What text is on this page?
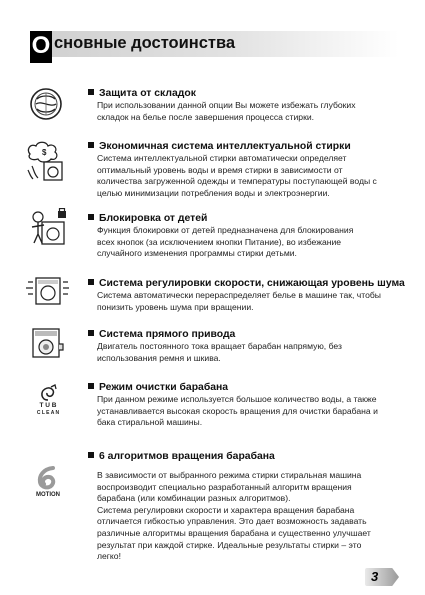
О сновные достоинства
Защита от складок
При использовании данной опции Вы можете избежать глубоких
складок на белье после завершения процесса стирки.
$
Экономичная система интеллектуальной стирки
Система интеллектуальной стирки автоматически определяет
оптимальный уровень воды и время стирки в зависимости от
количества загруженной одежды и температуры поступающей воды с
целью минимизации потребления воды и электроэнергии.
Блокировка от детей
Функция блокировки от детей предназначена для блокирования
всех кнопок (за исключением кнопки Питание), во избежание
случайного изменения программы стирки детьми.
Система регулировки скорости, снижающая уровень шума
Система автоматически перераспределяет белье в машине так, чтобы
понизить уровень шума при вращении.
Система прямого привода
Двигатель постоянного тока вращает барабан напрямую, без
использования ремня и шкива.
T U B
C L E A N
Режим очистки барабана
При данном режиме используется большое количество воды, а также
устанавливается высокая скорость вращения для очистки барабана и
бака стиральной машины.
MOTION
6 алгоритмов вращения барабана
В зависимости от выбранного режима стирки стиральная машина
воспроизводит специально разработанный алгоритм вращения
барабана (или комбинации разных алгоритмов).
Система регулировки скорости и характера вращения барабана
отличается гибкостью управления. Это дает возможность задавать
различные алгоритмы вращения барабана и существенно улучшает
результат при каждой стирке. Идеальные результаты стирки – это
легко!
3
